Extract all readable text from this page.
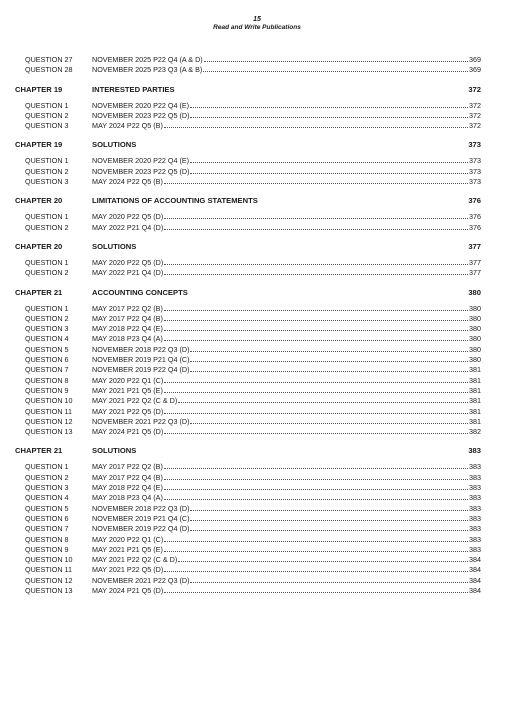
15
Read and Write Publications
QUESTION 27	NOVEMBER 2025 P22 Q4 (A & D)	369
QUESTION 28	NOVEMBER 2025 P23 Q3 (A & B)	369
CHAPTER 19	INTERESTED PARTIES	372
QUESTION 1	NOVEMBER 2020 P22 Q4 (E)	372
QUESTION 2	NOVEMBER 2023 P22 Q5 (D)	372
QUESTION 3	MAY 2024 P22 Q5 (B)	372
CHAPTER 19	SOLUTIONS	373
QUESTION 1	NOVEMBER 2020 P22 Q4 (E)	373
QUESTION 2	NOVEMBER 2023 P22 Q5 (D)	373
QUESTION 3	MAY 2024 P22 Q5 (B)	373
CHAPTER 20	LIMITATIONS OF ACCOUNTING STATEMENTS	376
QUESTION 1	MAY 2020 P22 Q5 (D)	376
QUESTION 2	MAY 2022 P21 Q4 (D)	376
CHAPTER 20	SOLUTIONS	377
QUESTION 1	MAY 2020 P22 Q5 (D)	377
QUESTION 2	MAY 2022 P21 Q4 (D)	377
CHAPTER 21	ACCOUNTING CONCEPTS	380
QUESTION 1	MAY 2017 P22 Q2 (B)	380
QUESTION 2	MAY 2017 P22 Q4 (B)	380
QUESTION 3	MAY 2018 P22 Q4 (E)	380
QUESTION 4	MAY 2018 P23 Q4 (A)	380
QUESTION 5	NOVEMBER 2018 P22 Q3 (D)	380
QUESTION 6	NOVEMBER 2019 P21 Q4 (C)	380
QUESTION 7	NOVEMBER 2019 P22 Q4 (D)	381
QUESTION 8	MAY 2020 P22 Q1 (C)	381
QUESTION 9	MAY 2021 P21 Q5 (E)	381
QUESTION 10	MAY 2021 P22 Q2 (C & D)	381
QUESTION 11	MAY 2021 P22 Q5 (D)	381
QUESTION 12	NOVEMBER 2021 P22 Q3 (D)	381
QUESTION 13	MAY 2024 P21 Q5 (D)	382
CHAPTER 21	SOLUTIONS	383
QUESTION 1	MAY 2017 P22 Q2 (B)	383
QUESTION 2	MAY 2017 P22 Q4 (B)	383
QUESTION 3	MAY 2018 P22 Q4 (E)	383
QUESTION 4	MAY 2018 P23 Q4 (A)	383
QUESTION 5	NOVEMBER 2018 P22 Q3 (D)	383
QUESTION 6	NOVEMBER 2019 P21 Q4 (C)	383
QUESTION 7	NOVEMBER 2019 P22 Q4 (D)	383
QUESTION 8	MAY 2020 P22 Q1 (C)	383
QUESTION 9	MAY 2021 P21 Q5 (E)	383
QUESTION 10	MAY 2021 P22 Q2 (C & D)	384
QUESTION 11	MAY 2021 P22 Q5 (D)	384
QUESTION 12	NOVEMBER 2021 P22 Q3 (D)	384
QUESTION 13	MAY 2024 P21 Q5 (D)	384
